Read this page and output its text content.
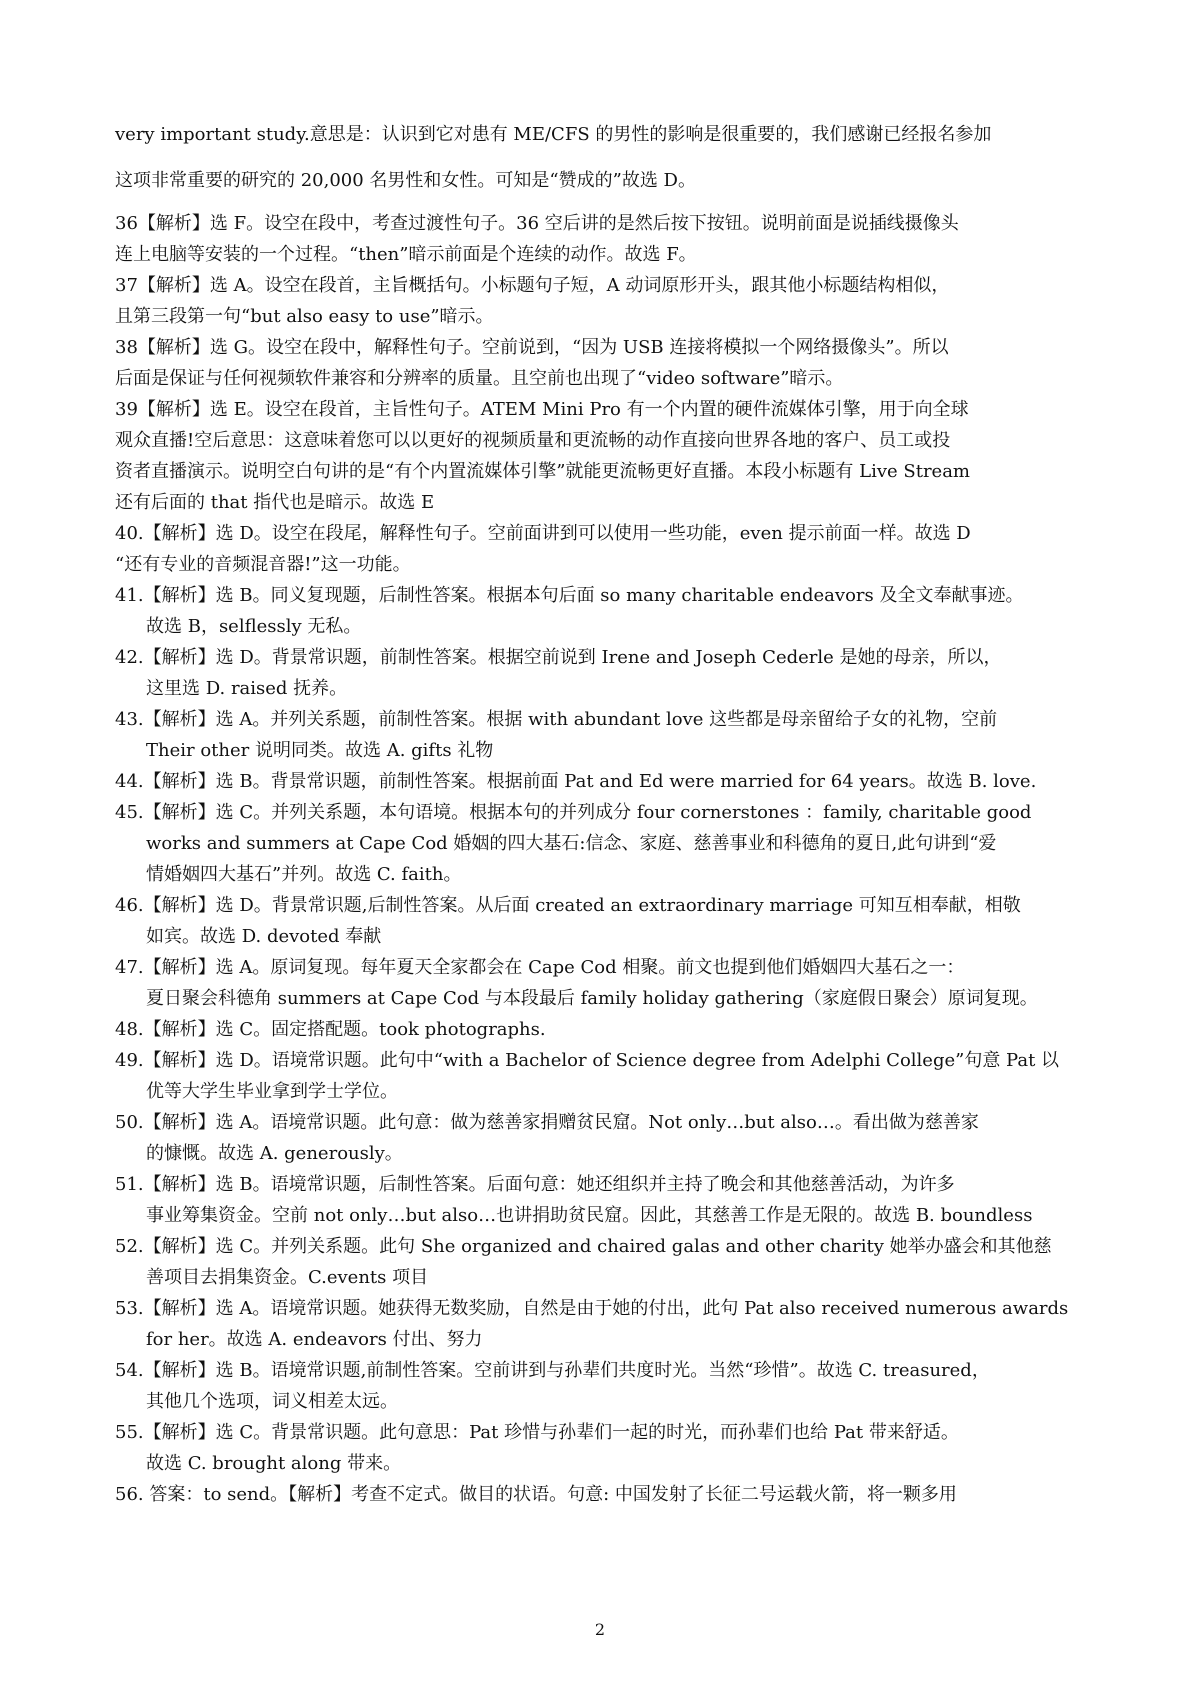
very important study.意思是：认识到它对患有 ME/CFS 的男性的影响是很重要的，我们感谢已经报名参加
这项非常重要的研究的 20,000 名男性和女性。可知是“赞成的”故选 D。
36【解析】选 F。设空在段中，考查过渡性句子。36 空后讲的是然后按下按钮。说明前面是说插线摄像头
连上电脑等安装的一个过程。“then”暗示前面是个连续的动作。故选 F。
37【解析】选 A。设空在段首，主旨概括句。小标题句子短，A 动词原形开头，跟其他小标题结构相似，
且第三段第一句“but also easy to use”暗示。
38【解析】选 G。设空在段中，解释性句子。空前说到，“因为 USB 连接将模拟一个网络摄像头”。所以
后面是保证与任何视频软件兼容和分辨率的质量。且空前也出现了“video software”暗示。
39【解析】选 E。设空在段首，主旨性句子。ATEM Mini Pro 有一个内置的硬件流媒体引擎，用于向全球
观众直播!空后意思：这意味着您可以以更好的视频质量和更流畅的动作直接向世界各地的客户、员工或投
资者直播演示。说明空白句讲的是“有个内置流媒体引擎”就能更流畅更好直播。本段小标题有 Live Stream
还有后面的 that 指代也是暗示。故选 E
40.【解析】选 D。设空在段尾，解释性句子。空前面讲到可以使用一些功能，even 提示前面一样。故选 D
“还有专业的音频混音器!”这一功能。
41.【解析】选 B。同义复现题，后制性答案。根据本句后面 so many charitable endeavors 及全文奉献事迹。
故选 B，selflessly 无私。
42.【解析】选 D。背景常识题，前制性答案。根据空前说到 Irene and Joseph Cederle 是她的母亲，所以，
这里选 D. raised 抚养。
43.【解析】选 A。并列关系题，前制性答案。根据 with abundant love 这些都是母亲留给子女的礼物，空前
Their other 说明同类。故选 A. gifts 礼物
44.【解析】选 B。背景常识题，前制性答案。根据前面 Pat and Ed were married for 64 years。故选 B. love.
45.【解析】选 C。并列关系题，本句语境。根据本句的并列成分 four cornerstones ：family, charitable good
works and summers at Cape Cod 婚姻的四大基石:信念、家庭、慈善事业和科德角的夏日,此句讲到“爱
情婚姻四大基石”并列。故选 C. faith。
46.【解析】选 D。背景常识题,后制性答案。从后面 created an extraordinary marriage 可知互相奉献，相敬
如宾。故选 D. devoted 奉献
47.【解析】选 A。原词复现。每年夏天全家都会在 Cape Cod 相聚。前文也提到他们婚姻四大基石之一：
夏日聚会科德角 summers at Cape Cod 与本段最后 family holiday gathering（家庭假日聚会）原词复现。
48.【解析】选 C。固定搭配题。took photographs.
49.【解析】选 D。语境常识题。此句中“with a Bachelor of Science degree from Adelphi College”句意 Pat 以
优等大学生毕业拿到学士学位。
50.【解析】选 A。语境常识题。此句意：做为慈善家捐赠贫民窟。Not only…but also…。看出做为慈善家
的慷慨。故选 A. generously。
51.【解析】选 B。语境常识题，后制性答案。后面句意：她还组织并主持了晚会和其他慈善活动，为许多
事业筹集资金。空前 not only…but also…也讲捐助贫民窟。因此，其慈善工作是无限的。故选 B. boundless
52.【解析】选 C。并列关系题。此句 She organized and chaired galas and other charity 她举办盛会和其他慈
善项目去捐集资金。C.events 项目
53.【解析】选 A。语境常识题。她获得无数奖励，自然是由于她的付出，此句 Pat also received numerous awards
for her。故选 A. endeavors 付出、努力
54.【解析】选 B。语境常识题,前制性答案。空前讲到与孙辈们共度时光。当然“珍惜”。故选 C. treasured，
其他几个选项，词义相差太远。
55.【解析】选 C。背景常识题。此句意思：Pat 珍惜与孙辈们一起的时光，而孙辈们也给 Pat 带来舒适。
故选 C. brought along 带来。
56. 答案：to send。【解析】考查不定式。做目的状语。句意: 中国发射了长征二号运载火箭，将一颗多用
2
